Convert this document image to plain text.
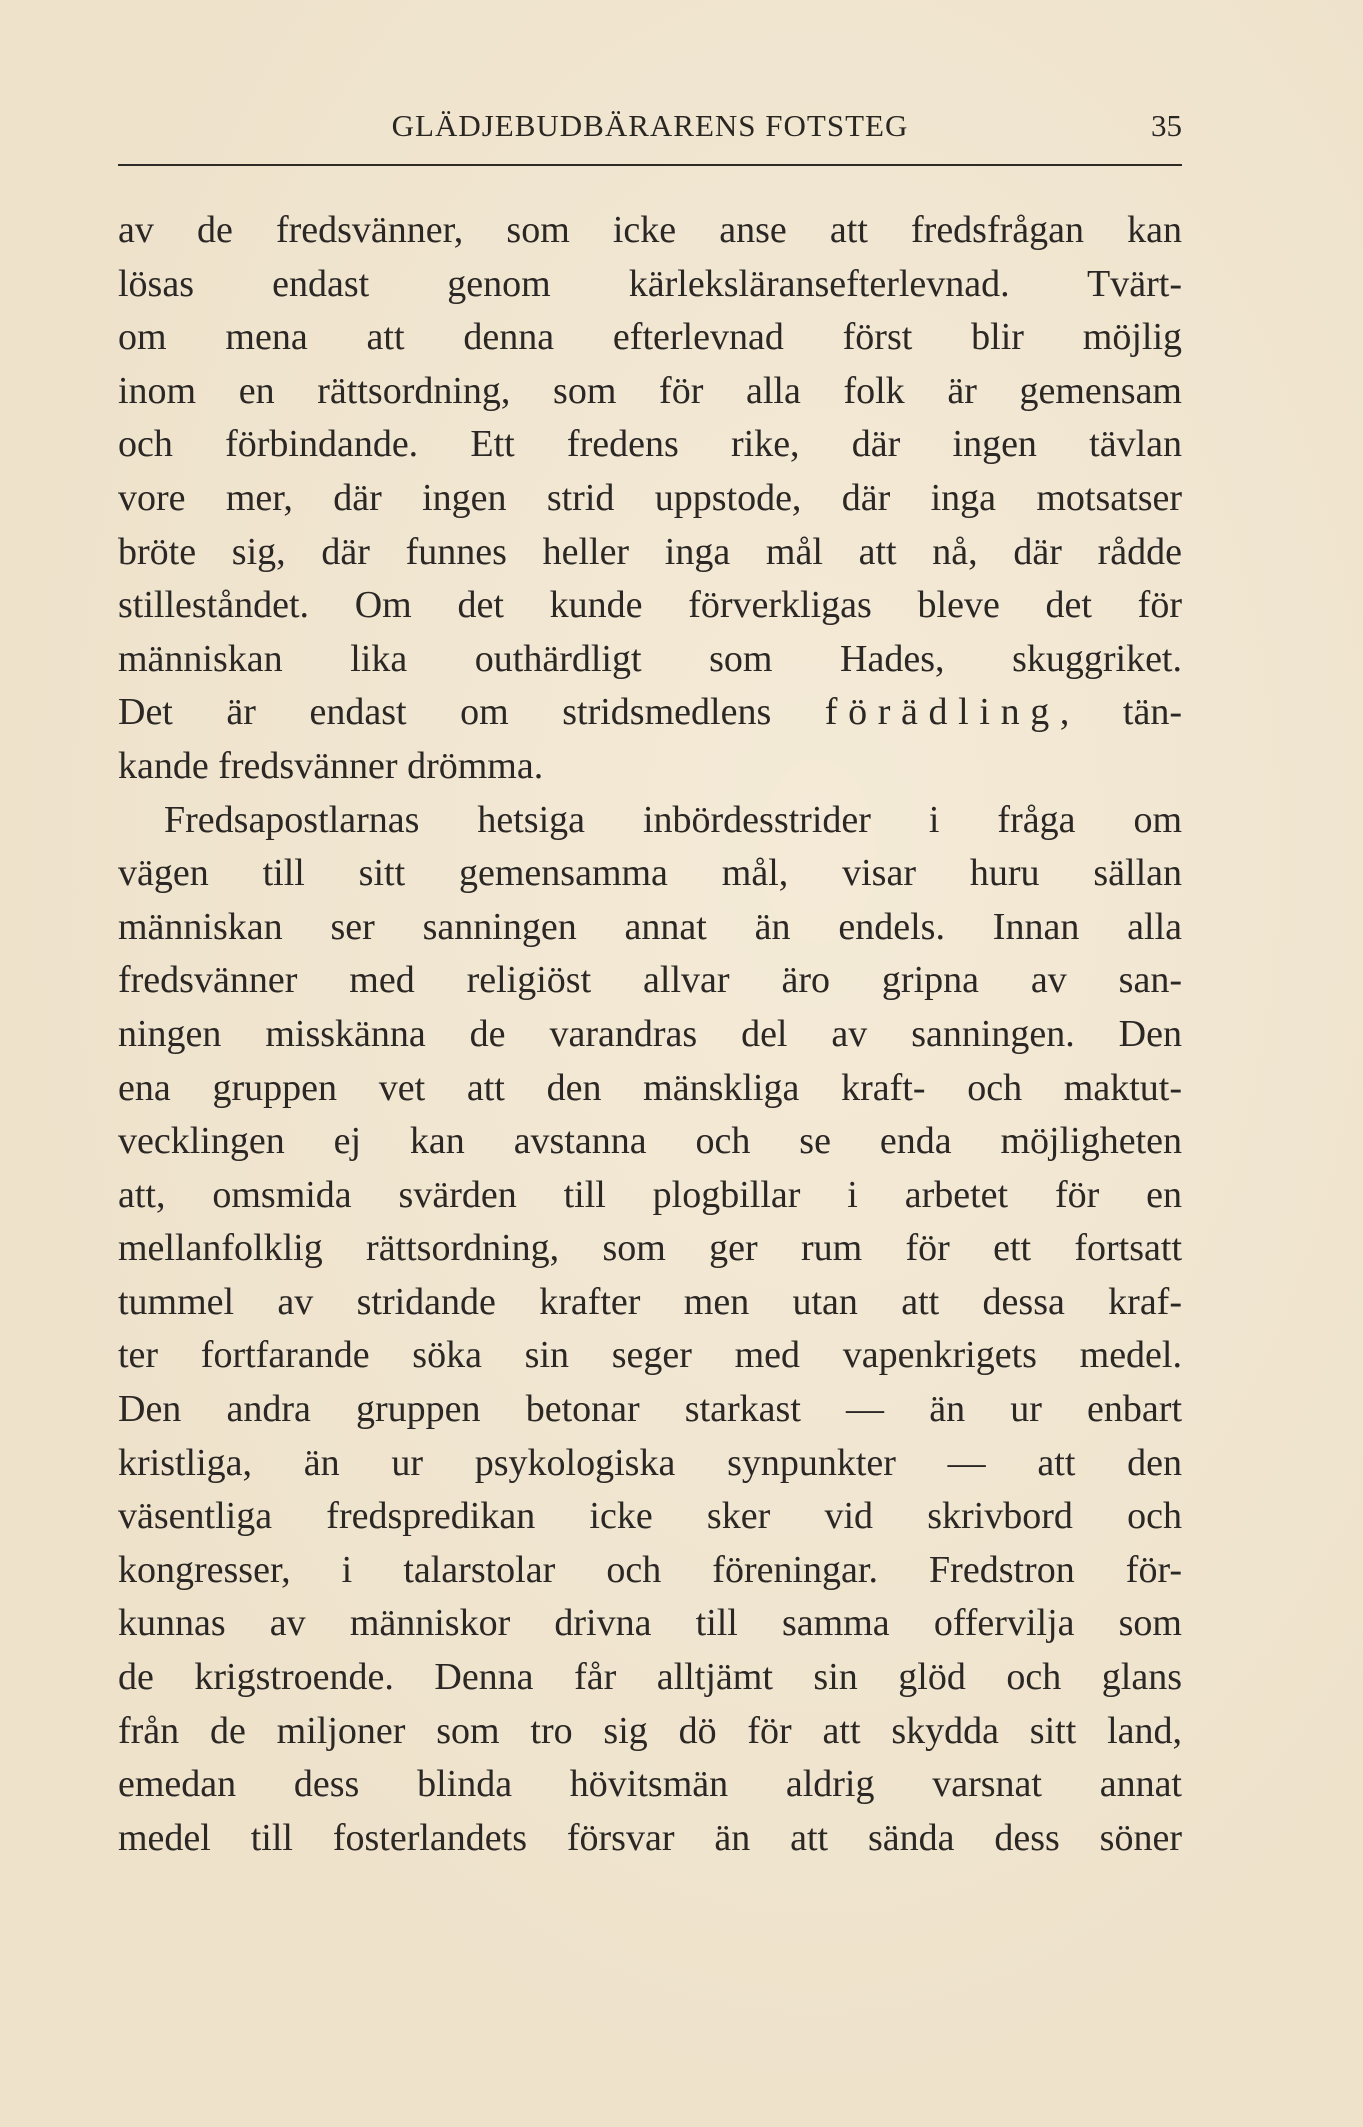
GLÄDJEBUDBÄRARENS FOTSTEG	35
av de fredsvänner, som icke anse att fredsfrågan kan
lösas endast genom kärleksläransefterlevnad. Tvärt-
om mena att denna efterlevnad först blir möjlig
inom en rättsordning, som för alla folk är gemensam
och förbindande. Ett fredens rike, där ingen tävlan
vore mer, där ingen strid uppstode, där inga motsatser
bröte sig, där funnes heller inga mål att nå, där rådde
stilleståndet. Om det kunde förverkligas bleve det för
människan lika outhärdligt som Hades, skuggriket.
Det är endast om stridsmedlens förädling, tän-
kande fredsvänner drömma.
Fredsapostlarnas hetsiga inbördesstrider i fråga om
vägen till sitt gemensamma mål, visar huru sällan
människan ser sanningen annat än endels. Innan alla
fredsvänner med religiöst allvar äro gripna av san-
ningen misskänna de varandras del av sanningen. Den
ena gruppen vet att den mänskliga kraft- och maktut-
vecklingen ej kan avstanna och se enda möjligheten
att, omsmida svärden till plogbillar i arbetet för en
mellanfolklig rättsordning, som ger rum för ett fortsatt
tummel av stridande krafter men utan att dessa kraf-
ter fortfarande söka sin seger med vapenkrigets medel.
Den andra gruppen betonar starkast — än ur enbart
kristliga, än ur psykologiska synpunkter — att den
väsentliga fredspredikan icke sker vid skrivbord och
kongresser, i talarstolar och föreningar. Fredstron för-
kunnas av människor drivna till samma offervilja som
de krigstroende. Denna får alltjämt sin glöd och glans
från de miljoner som tro sig dö för att skydda sitt land,
emedan dess blinda hövitsmän aldrig varsnat annat
medel till fosterlandets försvar än att sända dess söner
